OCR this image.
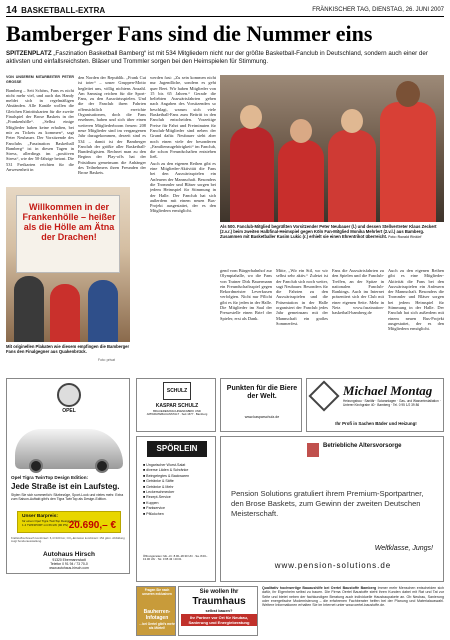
14 BASKETBALL-EXTRA	FRÄNKISCHER TAG, DIENSTAG, 26. JUNI 2007
Bamberger Fans sind die Nummer eins
SPITZENPLATZ „Faszination Basketball Bamberg“ ist mit 534 Mitgliedern nicht nur der größte Basketball-Fanclub in Deutschland, sondern auch einer der aktivsten und einfallsreichsten. Bläser und Trommler sorgen bei den Heimspielen für Stimmung.
VON UNSEREM MITARBEITER PETER GROSSE

Bamberg – Seit Schöns, Fans es nicht nicht mehr viel, und auch das Handy meldet sich in regelmäßigen Abständen. Alle Kanäle wollen die Gleichen Eintrittskarten für die zweite Finalspiel der Brose Baskets in der „Frankenhölle“. „Selbst einige Mitglieder haben keine erhalten, bei mir zu Tickets zu kommen“, sagt Peter Neubauer. Der Vorsitzende des Fanclubs „Faszination Basketball Bamberg“ ist in diesen Tagen in Stress, allerdings im „positiven Stress“, wie der 50-Jährige betont. Die 531 Freikarten reichten für die Anwesenheit in

den Norden der Republik. „Frank Cut ist toter“ – unser Gruppen-Motto begleitet uns, völlig nichtens Anzahl. Am Samstag reichen für die Sport-Fans, zu den Auswärtsspielen. Und die der Fanclub ihren Fahrten offensichtlich erreichte Organisationen, doch die Fans ersehnen, haben und sich über einen weiteren Mitgliederboom freuen: 208 neue Mitglieder sind im vergangenen Jahr dazugekommen, derzeit sind es 534 – damit ist der Bamberger Fanclub der größte aller Basketball-Bundesligisten. Rechnet man zu den Beginn der Play-offs hat der Präsidium gemeinsam die Anhänger des Teilnehmers ihren Freunden der Brose Baskets.

werden fast: „Zu sein kommen nicht nur Jugendliche, sondern es geht quer Beet. Wir haben Mitglieder von 15 bis 65 Jahren.“ Gerade die beliebten Auswärtsfahrten gehen nach Angaben des Vorsitzenden so beschlagt, warum sich viele Basketball-Fans zum Beitritt in den Fanclub entscheiden. Vorzeitige Preise für Fahrt und Freiminuten für Fanclub-Mitglieder sind neben der Grund dafür. Neubauer sieht aber noch einen viele der besonderen „Familienzugehörigkeit“ im Fanclub, die schon Freundschaften entstehen ließ.

Auch zu den eigenen Reihen gibt es eine Mitglieder-Aktivität die Fans bei den Auswärtsspielen ein Anfeuern der Mannschaft. Besonders die Trommler und Bläser sorgen bei jedem Heimspiel für Stimmung in der Halle. Der Fanclub hat sich außerdem mit einem neuen Bus-Projekt ausgestattet, der es den Mitgliedern ermöglicht.

Willkommen in der Frankenhölle – heißer als die Hölle am Ätna der Drachen!
Mit originellen Plakaten wie diesem empfingen die Bamberger Fans den Finalgegner aus Quakenbrück.
Foto: privat
Als 500. Fanclub-Mitglied begrüßten Vorsitzender Peter Neubauer (l.) und dessen Stellvertreter Klaus Zeckert (2.v.r.) beim zweiten Halbfinal-Heimspiel gegen Köln Fan-Mitglied Monika Mehrlert (2.v.l.) aus Bamberg. Zusammen mit Basketballer Kasim Lukic (r.) erhielt sie einen Ehrentrikot überreicht. Foto: Ronald Rinklef

gend vom Bürgerbahnhof zur Olympiahalle, wo die Fans von Trainer Dirk Bauermann ein Freundschaftsspiel gegen Rekordmeister Leverkusen verfolgten. Nicht nur Pflicht gibt es für jeden in der Halle. Die Mitglieder im Saal der Pressestelle einen Brief der Spieler, erst als Dank.

Mitte, „Wir ein Stil, wo wir selbst sehr aktiv.“ Zuletzt ist der Fanclub sich noch weiter, sagt Neubauer. Besonders für die Fahrten zu den Auswärtsspielen und die Präsentation in der Halle organisiert der Fanclub jedes Jahr gemeinsam mit der Mannschaft ein großes Sommerfest.

Fans die Auswärtsfahrten zu den Spielen und die Fanclub-Treffen, an der Spitze in nationalen Fanclub-Rankings. Auch im Internet präsentiert sich der Club mit einer eigenen Seite. Mehr in Netz www.faszination-basketball-bamberg.de

Auch zu den eigenen Reihen gibt es eine Mitglieder-Aktivität die Fans bei den Auswärtsspielen ein Anfeuern der Mannschaft. Besonders die Trommler und Bläser sorgen bei jedem Heimspiel für Stimmung in der Halle. Der Fanclub hat sich außerdem mit einem neuen Bus-Projekt ausgestattet, der es den Mitgliedern ermöglicht.

OPEL
Opel Tigra TwinTop Design Edition:
Jede Straße ist ein Laufsteg.
Stylen Sie sich sommerlich: Sitzbezüge, Sport-Look und vieles mehr. Extra zum Saison-Auftakt gibt's den Tigra TwinTop als Design-Edition.
Unser Barpreis:
für einen Opel Tigra TwinTop Design Edition 1.4 TWINPORT mit 66 kW (90 PS) 20.690,– €
Kraftstoffverbrauch kombiniert: 6,4 l/100 km; CO₂-Emission kombiniert: 154 g/km. Abbildung zeigt Sonderausstattung.
Autohaus Hirsch
91320 Ebermannstadt
Telefon 0 91 94 / 73 70-0
www.autohaus-hirsch.com
SCHULZ
KASPAR SCHULZ
BRAUEREIMASCHINENFABRIK UND APPARATEBAUANSTALT · Seit 1677 · Bamberg
Punkten für die Biere der Welt.
www.kasparschulz.de
Michael Montag
Heizungsbau · Sanitär · Solaranlagen · Gas- und Wasserinstallation · Unterer Kirchgrabe 40 · Bamberg · Tel. 0 95 1/2 39 86
Ihr Profi in Sachen Bäder und Heizung!
SPÖRLEIN
■ Ungarischer Wurst-Salat
■ diverse Läden & Schränke
■ Beingelegtes & Backwaren
■ Getränke & Säfte
■ Getränke & Mehr
■ Leckerschmecker
■ Rezept-Service
■ Kuppen
■ Parkservice
■ Pflückchen
Öffnungszeiten: Mo.–Fr. 8.00–18.30 Uhr · Sa. 8.00–13.00 Uhr · Tel. 0 95 43 / 20 01
Betriebliche Altersvorsorge
Pension Solutions gratuliert ihrem Premium-Sportpartner, den Brose Baskets, zum Gewinn der zweiten Deutschen Meisterschaft.
Weltklasse, Jungs!
www.pension-solutions.de
Fragen Sie nach unseren exklusiven
Bauherren-Infotagen
…bei Oertel gibt's mehr als Mörtel!
Sie wollen Ihr
Traumhaus
selbst bauen?
Ihr Partner vor Ort für Neubau, Sanierung und Energieberatung
Qualitativ hochwertige Bauaushilfe bei Oertel Baustoffe Bamberg Immer mehr Menschen entscheiden sich dafür, ihr Eigenheim selbst zu bauen. Die Firma Oertel Baustoffe steht ihren Kunden dabei mit Rat und Tat zur Seite und bietet neben der fachkundigen Beratung auch individuelle Hausbaupakete an. Ob Neubau, Sanierung oder energetische Modernisierung – die erfahrenen Fachberater helfen bei der Planung und Materialauswahl. Weitere Informationen erhalten Sie im Internet unter www.oertel-baustoffe.de.
